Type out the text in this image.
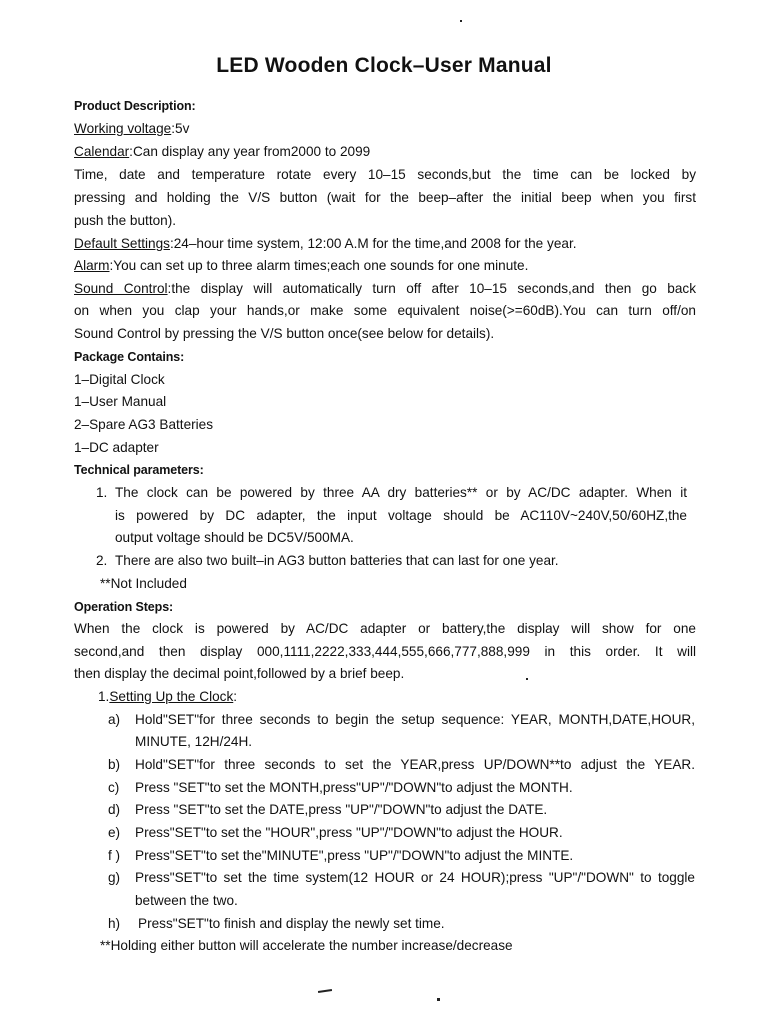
LED Wooden Clock–User Manual
Product Description:
Working voltage:5v
Calendar:Can display any year from2000 to 2099
Time, date and temperature rotate every 10–15 seconds,but the time can be locked by
pressing and holding the V/S button (wait for the beep–after the initial beep when you first
push the button).
Default Settings:24–hour time system, 12:00 A.M for the time,and 2008 for the year.
Alarm:You can set up to three alarm times;each one sounds for one minute.
Sound Control:the display will automatically turn off after 10–15 seconds,and then go back
on when you clap your hands,or make some equivalent noise(>=60dB).You can turn off/on
Sound Control by pressing the V/S button once(see below for details).
Package Contains:
1–Digital Clock
1–User Manual
2–Spare AG3 Batteries
1–DC adapter
Technical parameters:
1. The clock can be powered by three AA dry batteries** or by AC/DC adapter. When it
is powered by DC adapter, the input voltage should be AC110V~240V,50/60HZ,the
output voltage should be DC5V/500MA.
2. There are also two built–in AG3 button batteries that can last for one year.
**Not Included
Operation Steps:
When the clock is powered by AC/DC adapter or battery,the display will show for one
second,and then display 000,1111,2222,333,444,555,666,777,888,999 in this order. It will
then display the decimal point,followed by a brief beep.
1.Setting Up the Clock:
a) Hold"SET"for three seconds to begin the setup sequence: YEAR, MONTH,DATE,HOUR,
MINUTE, 12H/24H.
b) Hold"SET"for three seconds to set the YEAR,press UP/DOWN**to adjust the YEAR.
c) Press "SET"to set the MONTH,press"UP"/"DOWN"to adjust the MONTH.
d) Press "SET"to set the DATE,press "UP"/"DOWN"to adjust the DATE.
e) Press"SET"to set the "HOUR",press "UP"/"DOWN"to adjust the HOUR.
f ) Press"SET"to set the"MINUTE",press "UP"/"DOWN"to adjust the MINTE.
g) Press"SET"to set the time system(12 HOUR or 24 HOUR);press "UP"/"DOWN" to toggle
between the two.
h) Press"SET"to finish and display the newly set time.
**Holding either button will accelerate the number increase/decrease
